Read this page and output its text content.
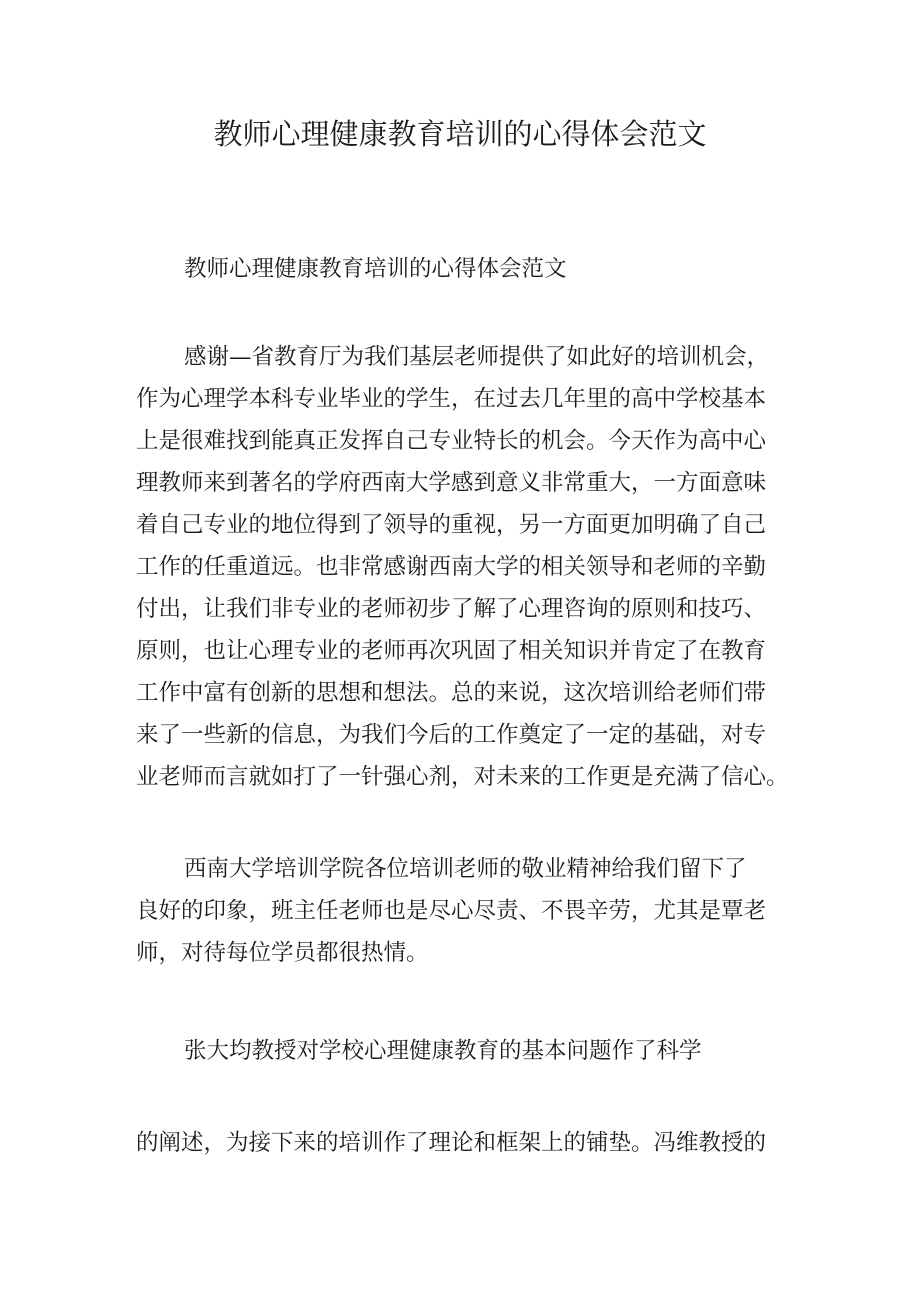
教师心理健康教育培训的心得体会范文

教师心理健康教育培训的心得体会范文

感谢—省教育厅为我们基层老师提供了如此好的培训机会，

作为心理学本科专业毕业的学生，在过去几年里的高中学校基本

上是很难找到能真正发挥自己专业特长的机会。今天作为高中心

理教师来到著名的学府西南大学感到意义非常重大，一方面意味

着自己专业的地位得到了领导的重视，另一方面更加明确了自己

工作的任重道远。也非常感谢西南大学的相关领导和老师的辛勤

付出，让我们非专业的老师初步了解了心理咨询的原则和技巧、

原则，也让心理专业的老师再次巩固了相关知识并肯定了在教育

工作中富有创新的思想和想法。总的来说，这次培训给老师们带

来了一些新的信息，为我们今后的工作奠定了一定的基础，对专

业老师而言就如打了一针强心剂，对未来的工作更是充满了信心。

西南大学培训学院各位培训老师的敬业精神给我们留下了

良好的印象，班主任老师也是尽心尽责、不畏辛劳，尤其是覃老

师，对待每位学员都很热情。

张大均教授对学校心理健康教育的基本问题作了科学

的阐述，为接下来的培训作了理论和框架上的铺垫。冯维教授的
